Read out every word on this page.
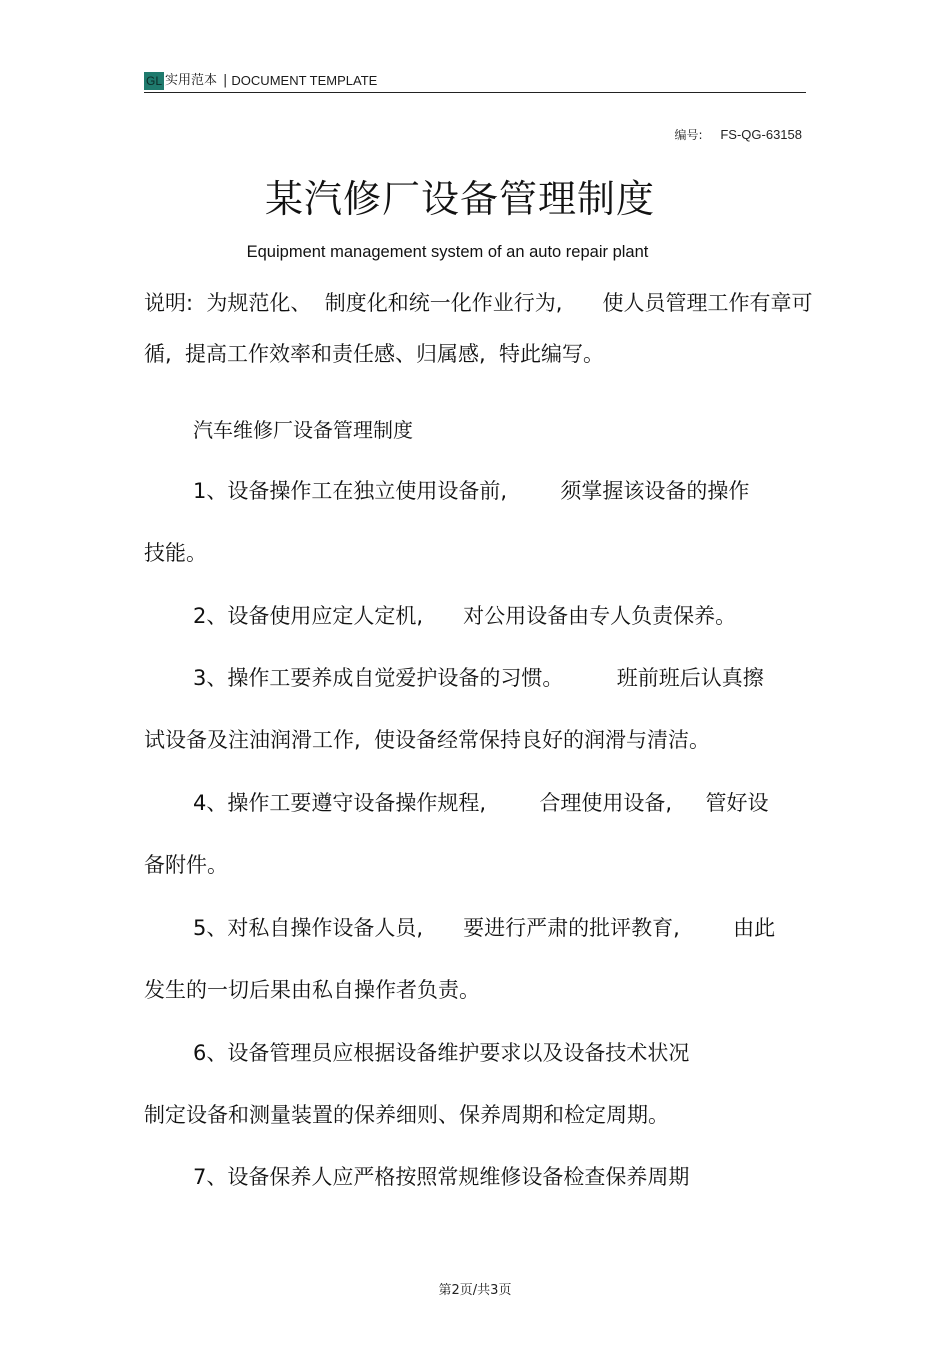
GL 实用范本 | DOCUMENT TEMPLATE
编号: FS-QG-63158
某汽修厂设备管理制度
Equipment management system of an auto repair plant
说明:  为规范化、  制度化和统一化作业行为,      使人员管理工作有章可
循,  提高工作效率和责任感、归属感,  特此编写。
汽车维修厂设备管理制度
1、设备操作工在独立使用设备前,        须掌握该设备的操作
技能。
2、设备使用应定人定机,      对公用设备由专人负责保养。
3、操作工要养成自觉爱护设备的习惯。        班前班后认真擦
试设备及注油润滑工作,  使设备经常保持良好的润滑与清洁。
4、操作工要遵守设备操作规程,        合理使用设备,     管好设
备附件。
5、对私自操作设备人员,      要进行严肃的批评教育,        由此
发生的一切后果由私自操作者负责。
6、设备管理员应根据设备维护要求以及设备技术状况
制定设备和测量装置的保养细则、保养周期和检定周期。
7、设备保养人应严格按照常规维修设备检查保养周期
第2页/共3页
